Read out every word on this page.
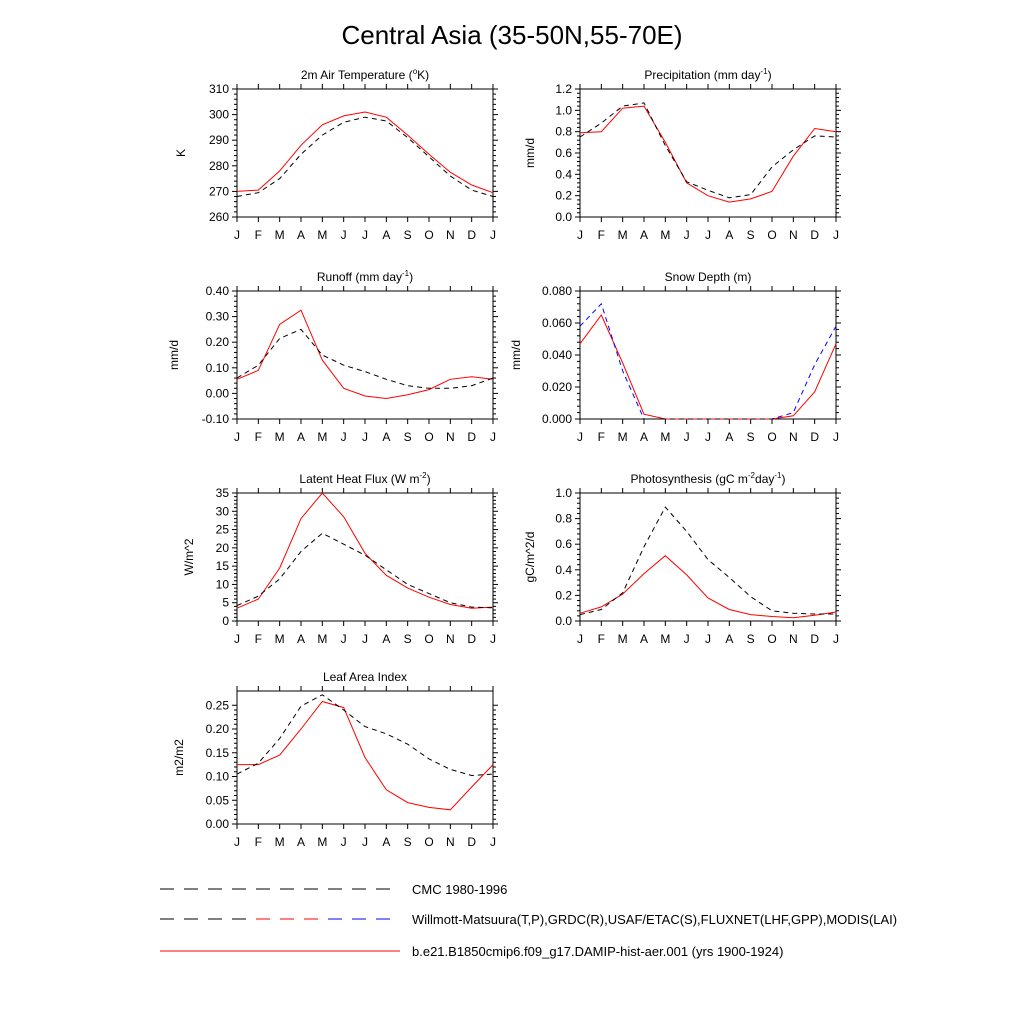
Central Asia (35-50N,55-70E)
J F M A M J J A S O N D J
260
270
280
290
300
310
2m Air Temperature (oK)
K
J F M A M J J A S O N D J
0.0
0.2
0.4
0.6
0.8
1.0
1.2
Precipitation (mm day-1)
mm/d
J F M A M J J A S O N D J
-0.10
0.00
0.10
0.20
0.30
0.40
Runoff (mm day-1)
mm/d
J F M A M J J A S O N D J
0.000
0.020
0.040
0.060
0.080
Snow Depth (m)
mm/d
J F M A M J J A S O N D J
0
5
10
15
20
25
30
35
Latent Heat Flux (W m-2)
W/m^2
J F M A M J J A S O N D J
0.0
0.2
0.4
0.6
0.8
1.0
Photosynthesis (gC m-2day-1)
gC/m^2/d
J F M A M J J A S O N D J
0.00
0.05
0.10
0.15
0.20
0.25
Leaf Area Index
m2/m2
CMC 1980-1996
Willmott-Matsuura(T,P),GRDC(R),USAF/ETAC(S),FLUXNET(LHF,GPP),MODIS(LAI)
b.e21.B1850cmip6.f09_g17.DAMIP-hist-aer.001 (yrs 1900-1924)
